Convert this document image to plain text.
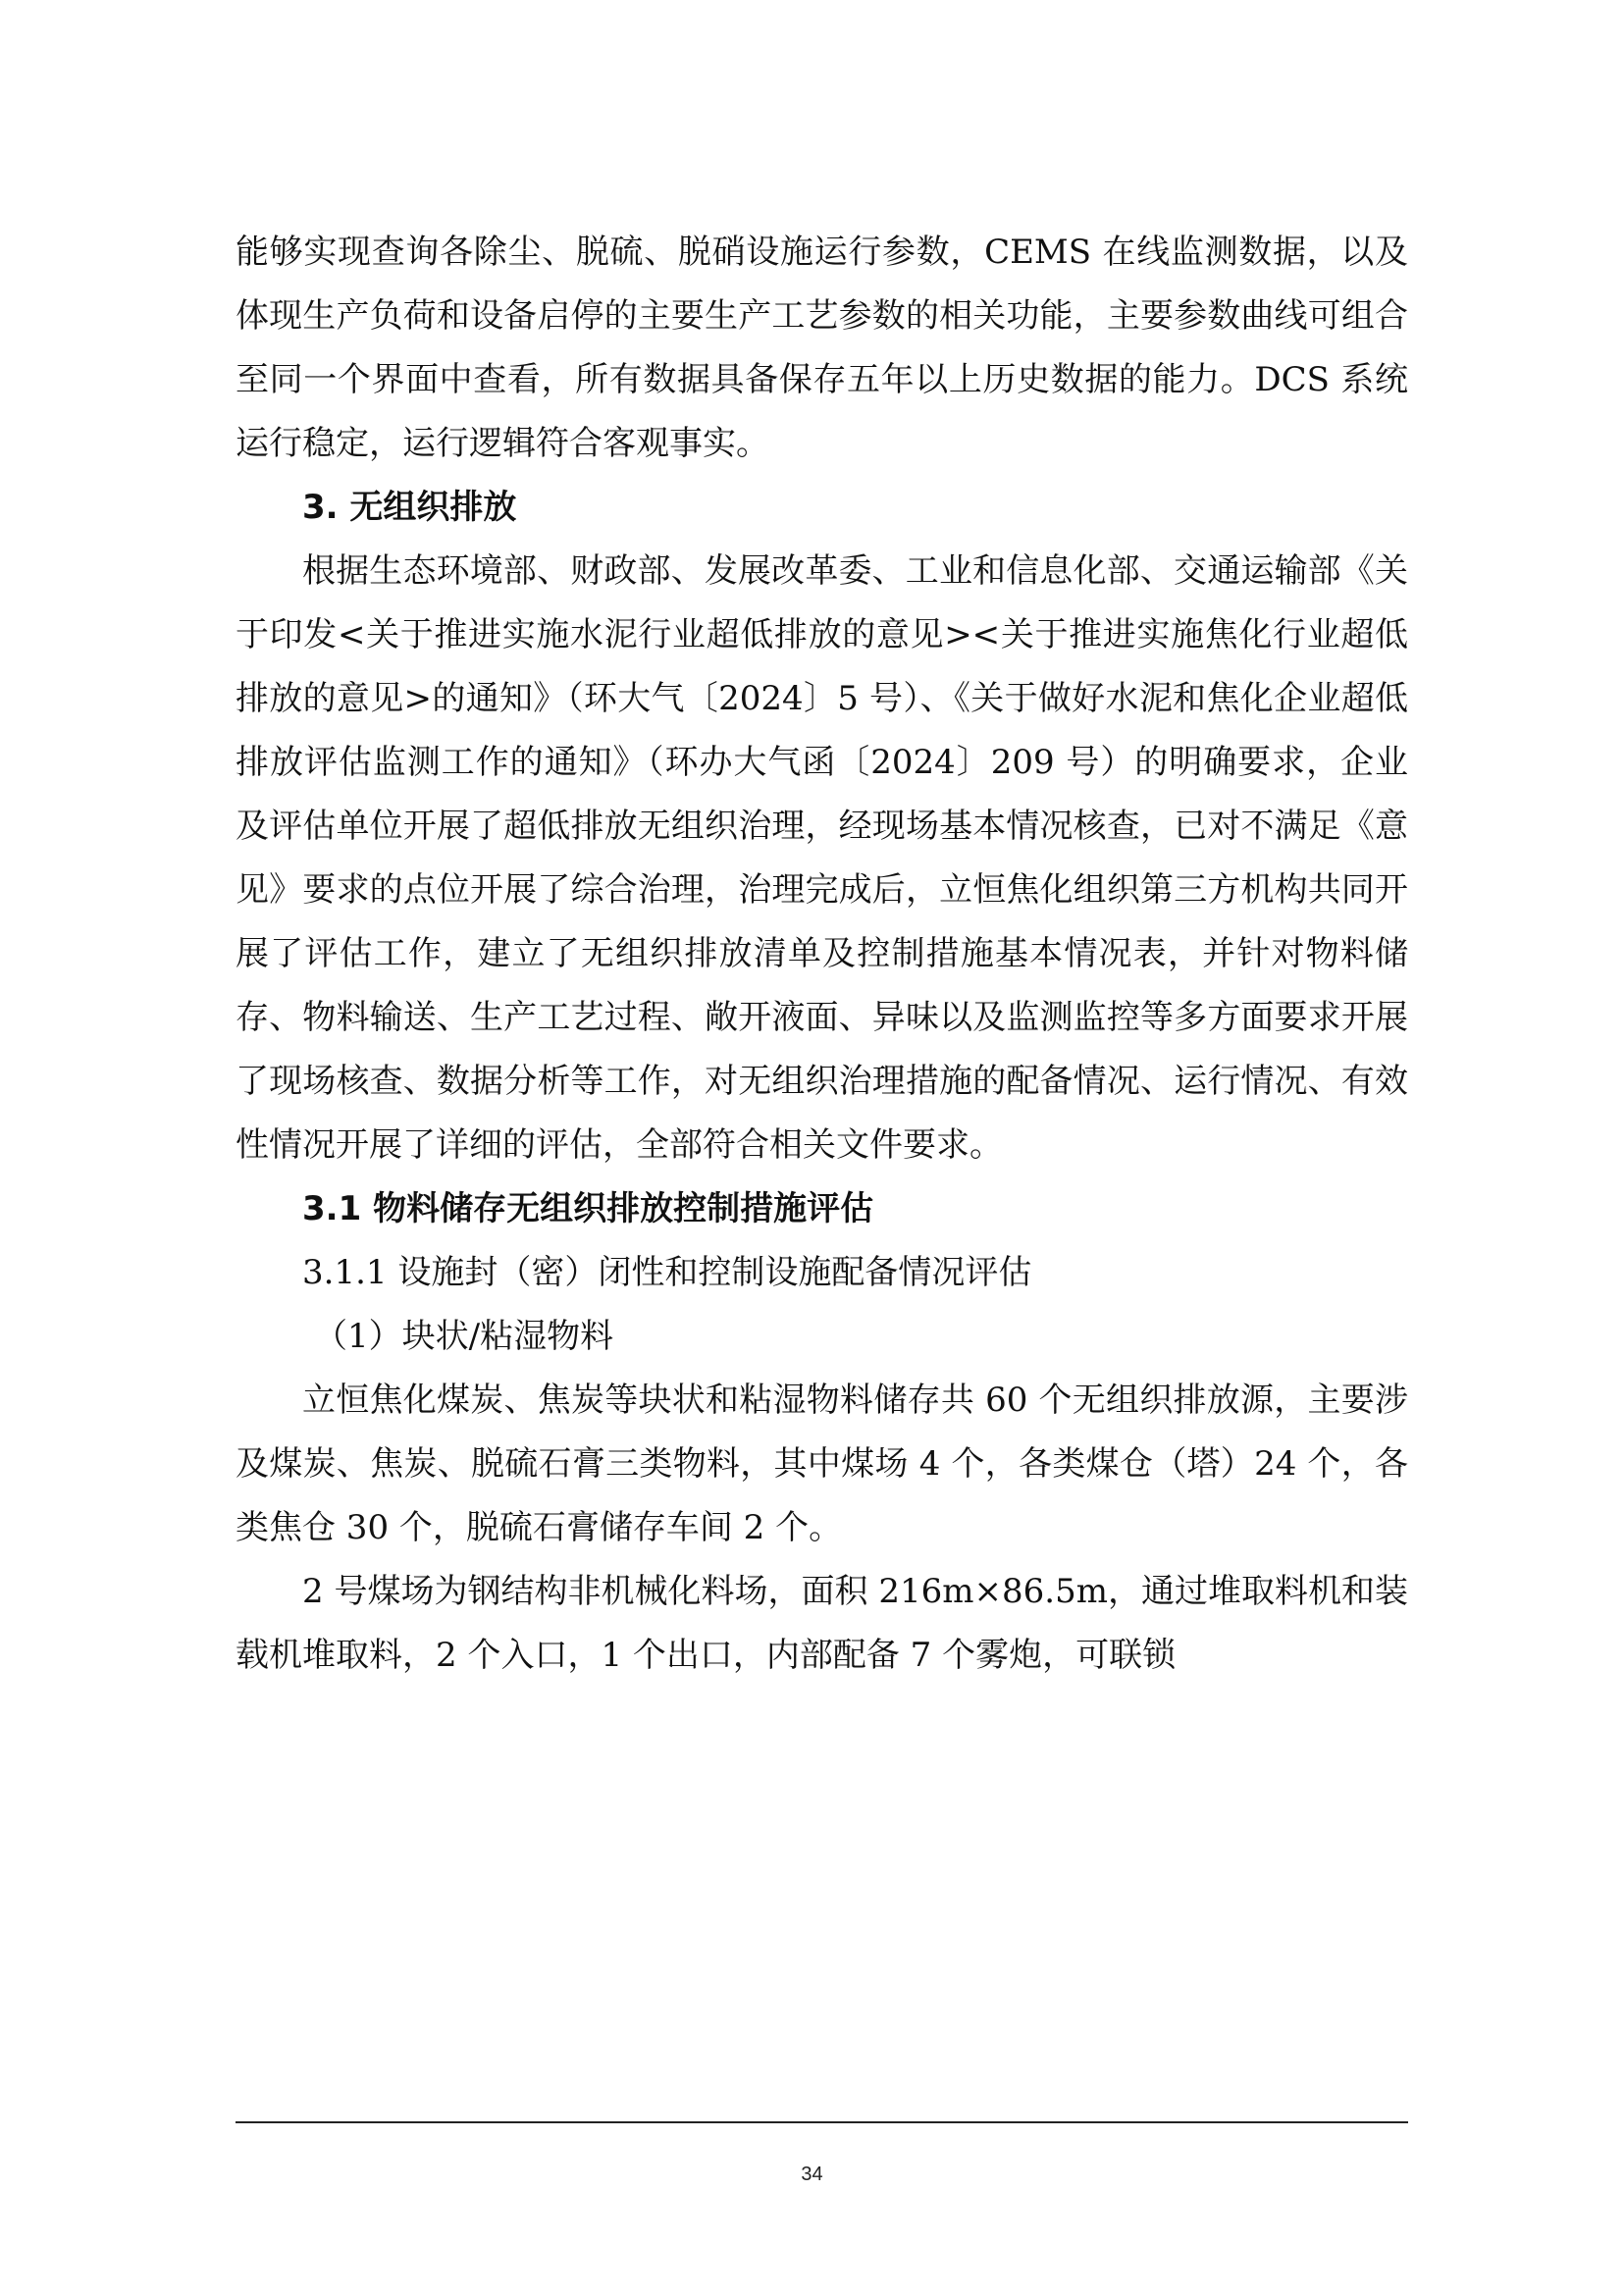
能够实现查询各除尘、脱硫、脱硝设施运行参数，CEMS 在线监测数据，以及体现生产负荷和设备启停的主要生产工艺参数的相关功能，主要参数曲线可组合至同一个界面中查看，所有数据具备保存五年以上历史数据的能力。DCS 系统运行稳定，运行逻辑符合客观事实。

3. 无组织排放

根据生态环境部、财政部、发展改革委、工业和信息化部、交通运输部《关于印发<关于推进实施水泥行业超低排放的意见><关于推进实施焦化行业超低排放的意见>的通知》（环大气〔2024〕5 号）、《关于做好水泥和焦化企业超低排放评估监测工作的通知》（环办大气函〔2024〕209 号）的明确要求，企业及评估单位开展了超低排放无组织治理，经现场基本情况核查，已对不满足《意见》要求的点位开展了综合治理，治理完成后，立恒焦化组织第三方机构共同开展了评估工作，建立了无组织排放清单及控制措施基本情况表，并针对物料储存、物料输送、生产工艺过程、敞开液面、异味以及监测监控等多方面要求开展了现场核查、数据分析等工作，对无组织治理措施的配备情况、运行情况、有效性情况开展了详细的评估，全部符合相关文件要求。

3.1 物料储存无组织排放控制措施评估

3.1.1 设施封（密）闭性和控制设施配备情况评估

（1）块状/粘湿物料

立恒焦化煤炭、焦炭等块状和粘湿物料储存共 60 个无组织排放源，主要涉及煤炭、焦炭、脱硫石膏三类物料，其中煤场 4 个，各类煤仓（塔）24 个，各类焦仓 30 个，脱硫石膏储存车间 2 个。

2 号煤场为钢结构非机械化料场，面积 216m×86.5m，通过堆取料机和装载机堆取料，2 个入口，1 个出口，内部配备 7 个雾炮，可联锁

34
